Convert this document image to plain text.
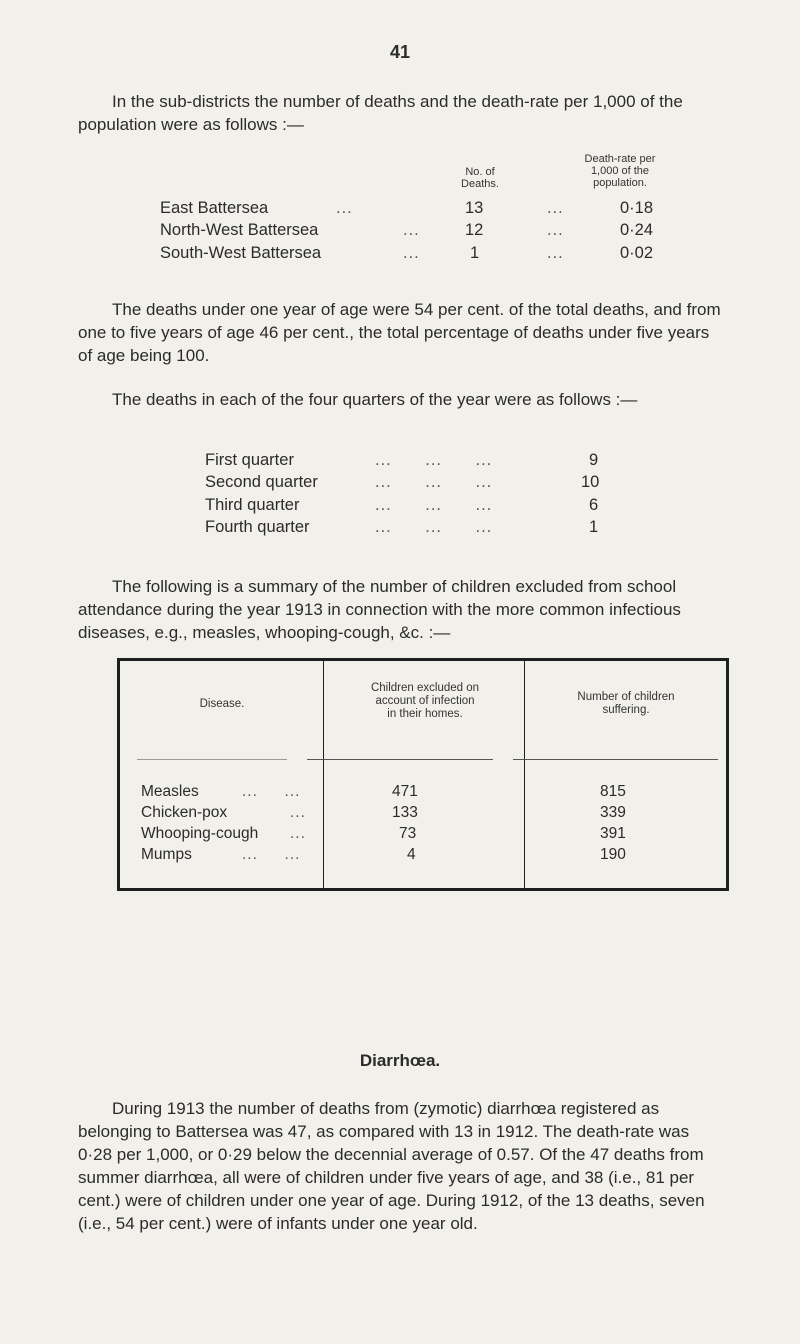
41

In the sub-districts the number of deaths and the death-rate per 1,000 of the population were as follows :—

No. of
Deaths.
Death-rate per
1,000 of the
population.
East Battersea	...	13	...	0·18
North-West Battersea	...	12	...	0·24
South-West Battersea	...	1	...	0·02

The deaths under one year of age were 54 per cent. of the total deaths, and from one to five years of age 46 per cent., the total percentage of deaths under five years of age being 100.

The deaths in each of the four quarters of the year were as follows :—

First quarter	...      ...      ...	9
Second quarter	...      ...      ...	10
Third quarter	...      ...      ...	6
Fourth quarter	...      ...      ...	1

The following is a summary of the number of children excluded from school attendance during the year 1913 in connection with the more common infectious diseases, e.g., measles, whooping-cough, &c. :—

Disease.
Children excluded on
account of infection
in their homes.
Number of children
suffering.
Measles	...     ...	471	815
Chicken-pox	...	133	339
Whooping-cough ...	73	391
Mumps	...     ...	4	190
Diarrhœa.

During 1913 the number of deaths from (zymotic) diarrhœa registered as belonging to Battersea was 47, as compared with 13 in 1912. The death-rate was 0·28 per 1,000, or 0·29 below the decennial average of 0.57. Of the 47 deaths from summer diarrhœa, all were of children under five years of age, and 38 (i.e., 81 per cent.) were of children under one year of age. During 1912, of the 13 deaths, seven (i.e., 54 per cent.) were of infants under one year old.
